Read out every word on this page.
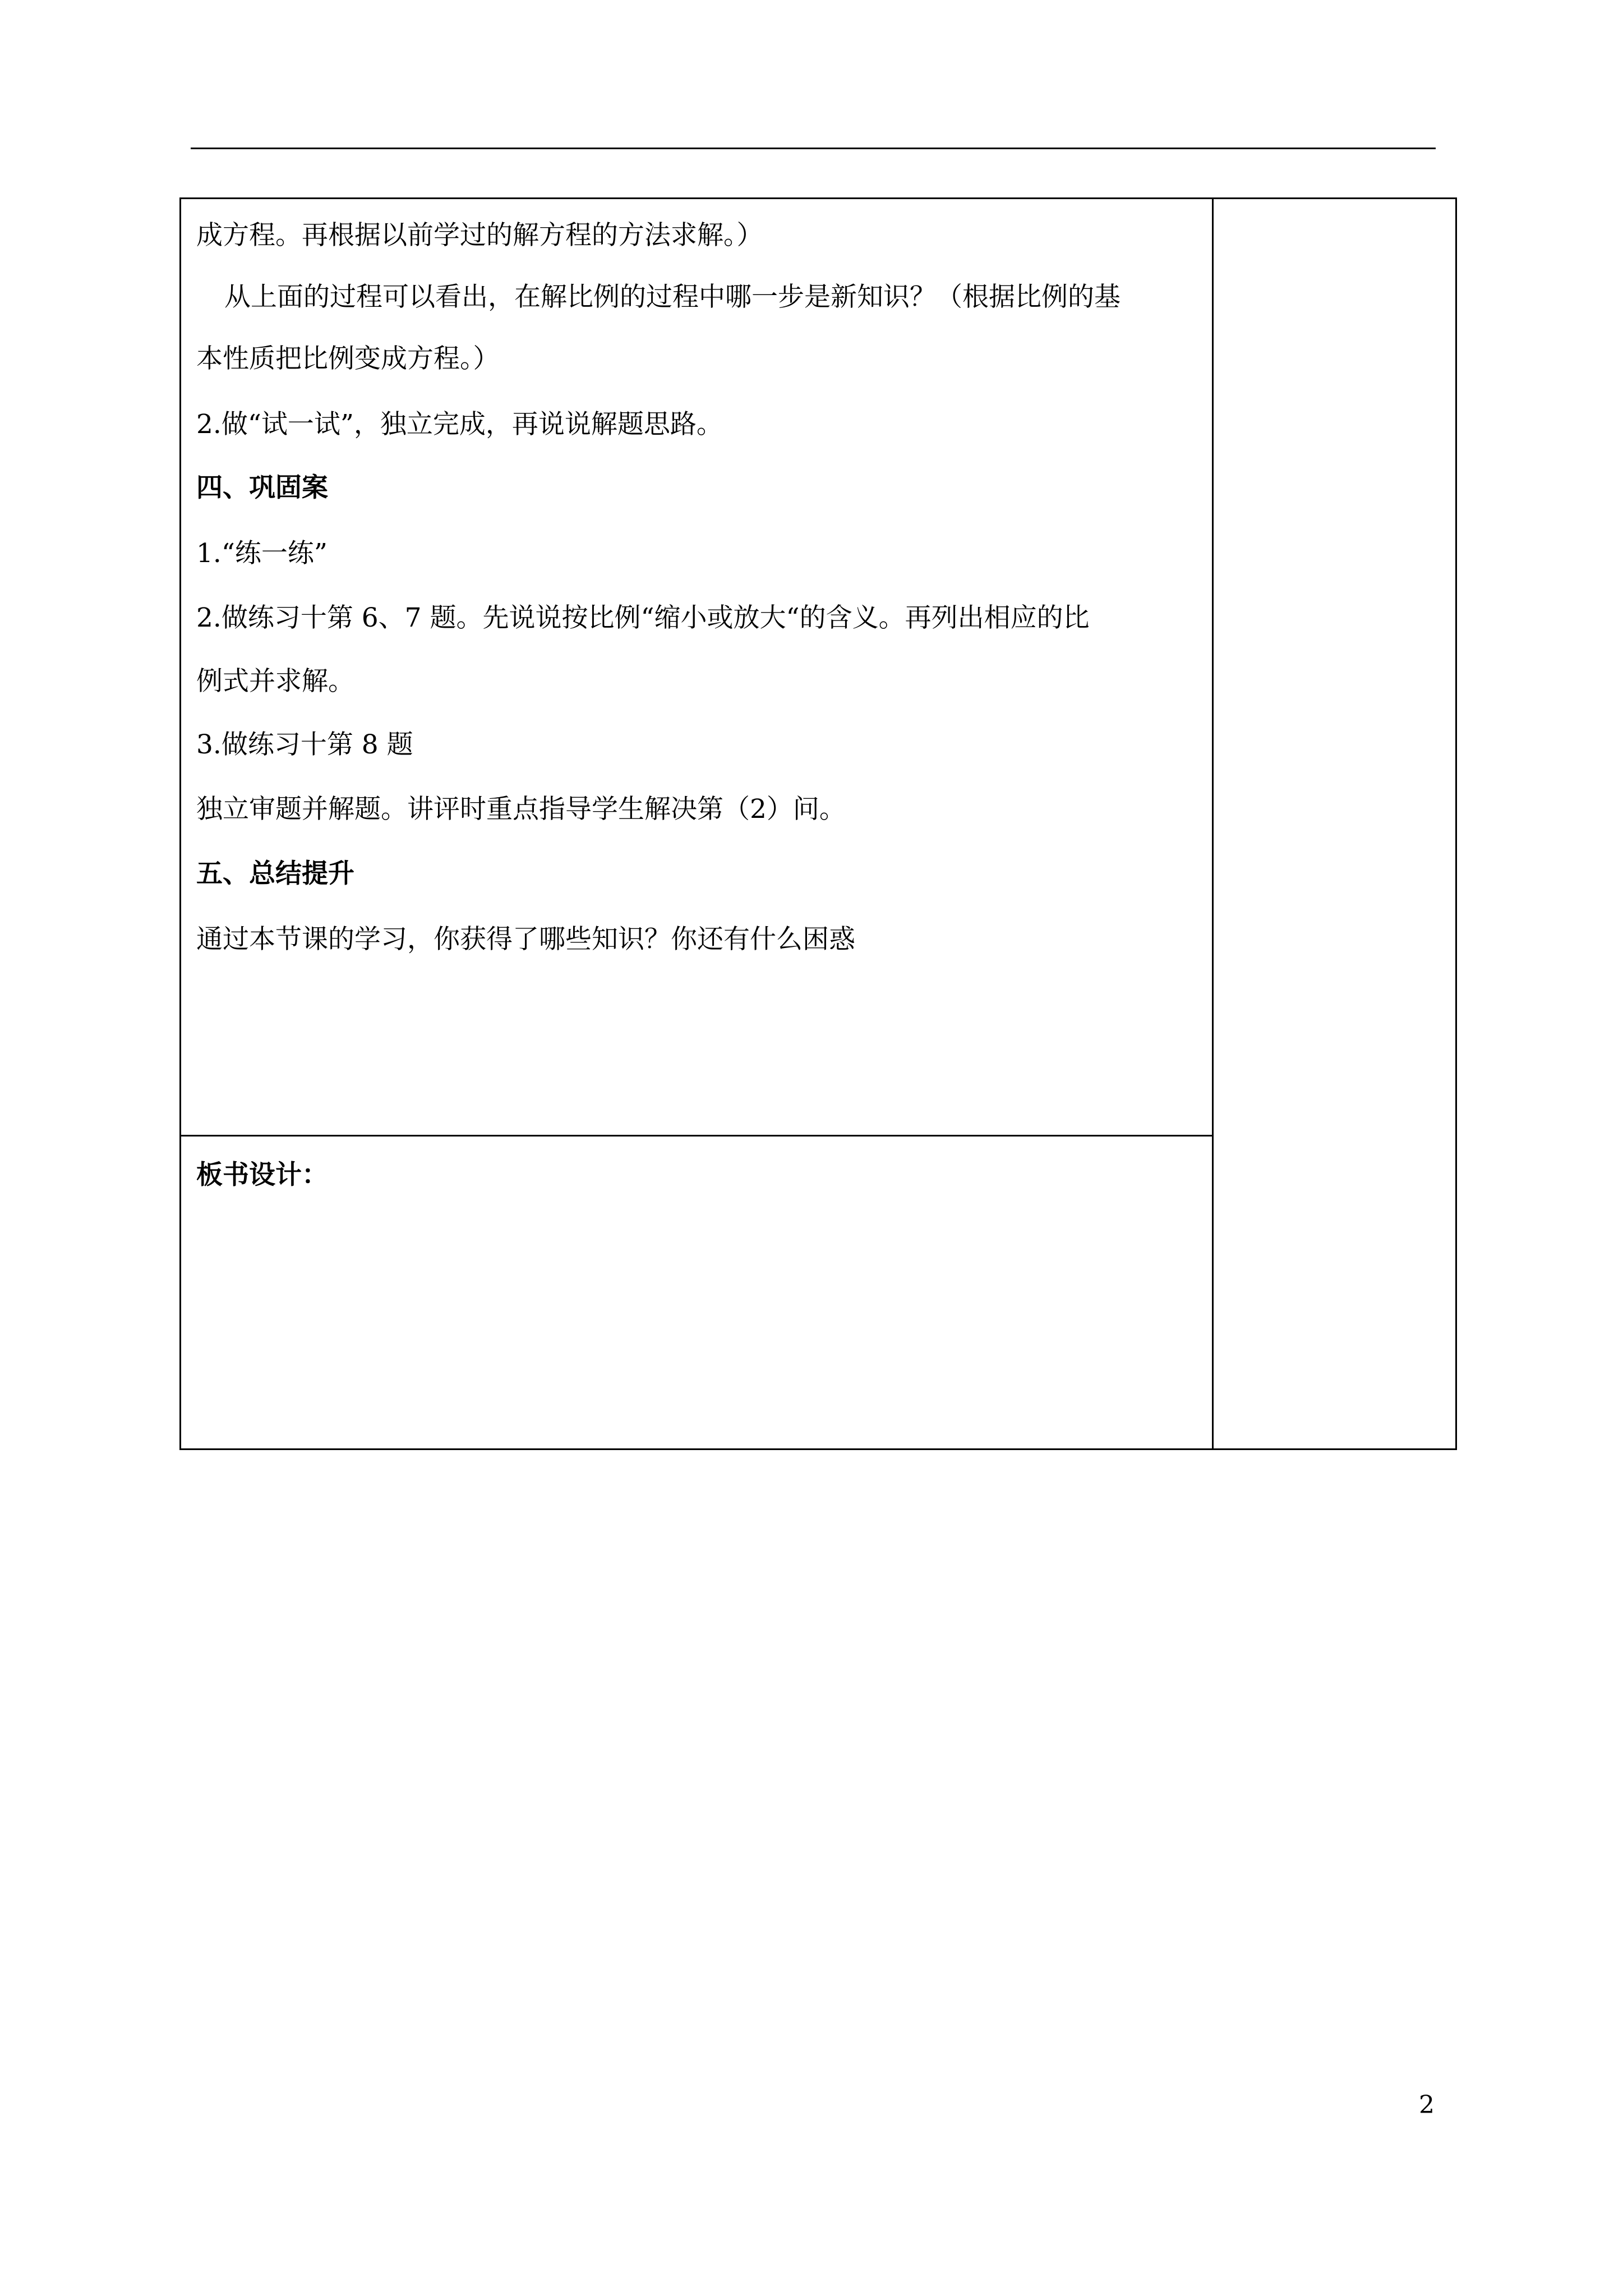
成方程。再根据以前学过的解方程的方法求解。）
从上面的过程可以看出，在解比例的过程中哪一步是新知识？（根据比例的基
本性质把比例变成方程。）
2.做“试一试”，独立完成，再说说解题思路。
四、巩固案
1.“练一练”
2.做练习十第 6、7 题。先说说按比例“缩小或放大“的含义。再列出相应的比
例式并求解。
3.做练习十第 8 题
独立审题并解题。讲评时重点指导学生解决第（2）问。
五、总结提升
通过本节课的学习，你获得了哪些知识？你还有什么困惑
板书设计：
2
